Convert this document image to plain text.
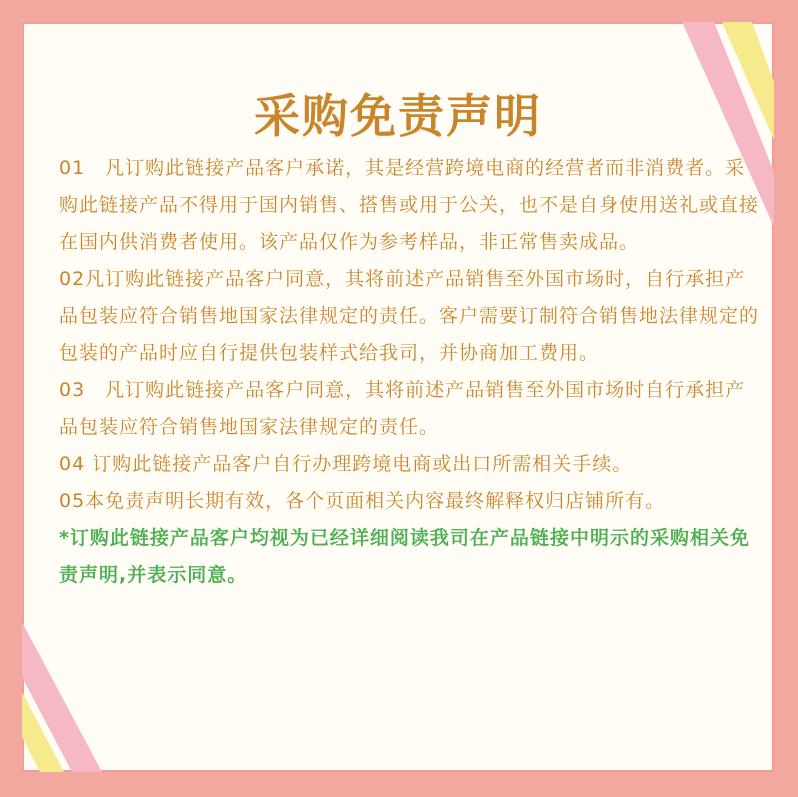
采购免责声明

01　凡订购此链接产品客户承诺，其是经营跨境电商的经营者而非消费者。采购此链接产品不得用于国内销售、搭售或用于公关，也不是自身使用送礼或直接在国内供消费者使用。该产品仅作为参考样品，非正常售卖成品。

02凡订购此链接产品客户同意，其将前述产品销售至外国市场时，自行承担产品包装应符合销售地国家法律规定的责任。客户需要订制符合销售地法律规定的包装的产品时应自行提供包装样式给我司，并协商加工费用。

03　凡订购此链接产品客户同意，其将前述产品销售至外国市场时自行承担产品包装应符合销售地国家法律规定的责任。

04 订购此链接产品客户自行办理跨境电商或出口所需相关手续。

05本免责声明长期有效，各个页面相关内容最终解释权归店铺所有。

*订购此链接产品客户均视为已经详细阅读我司在产品链接中明示的采购相关免责声明,并表示同意。
